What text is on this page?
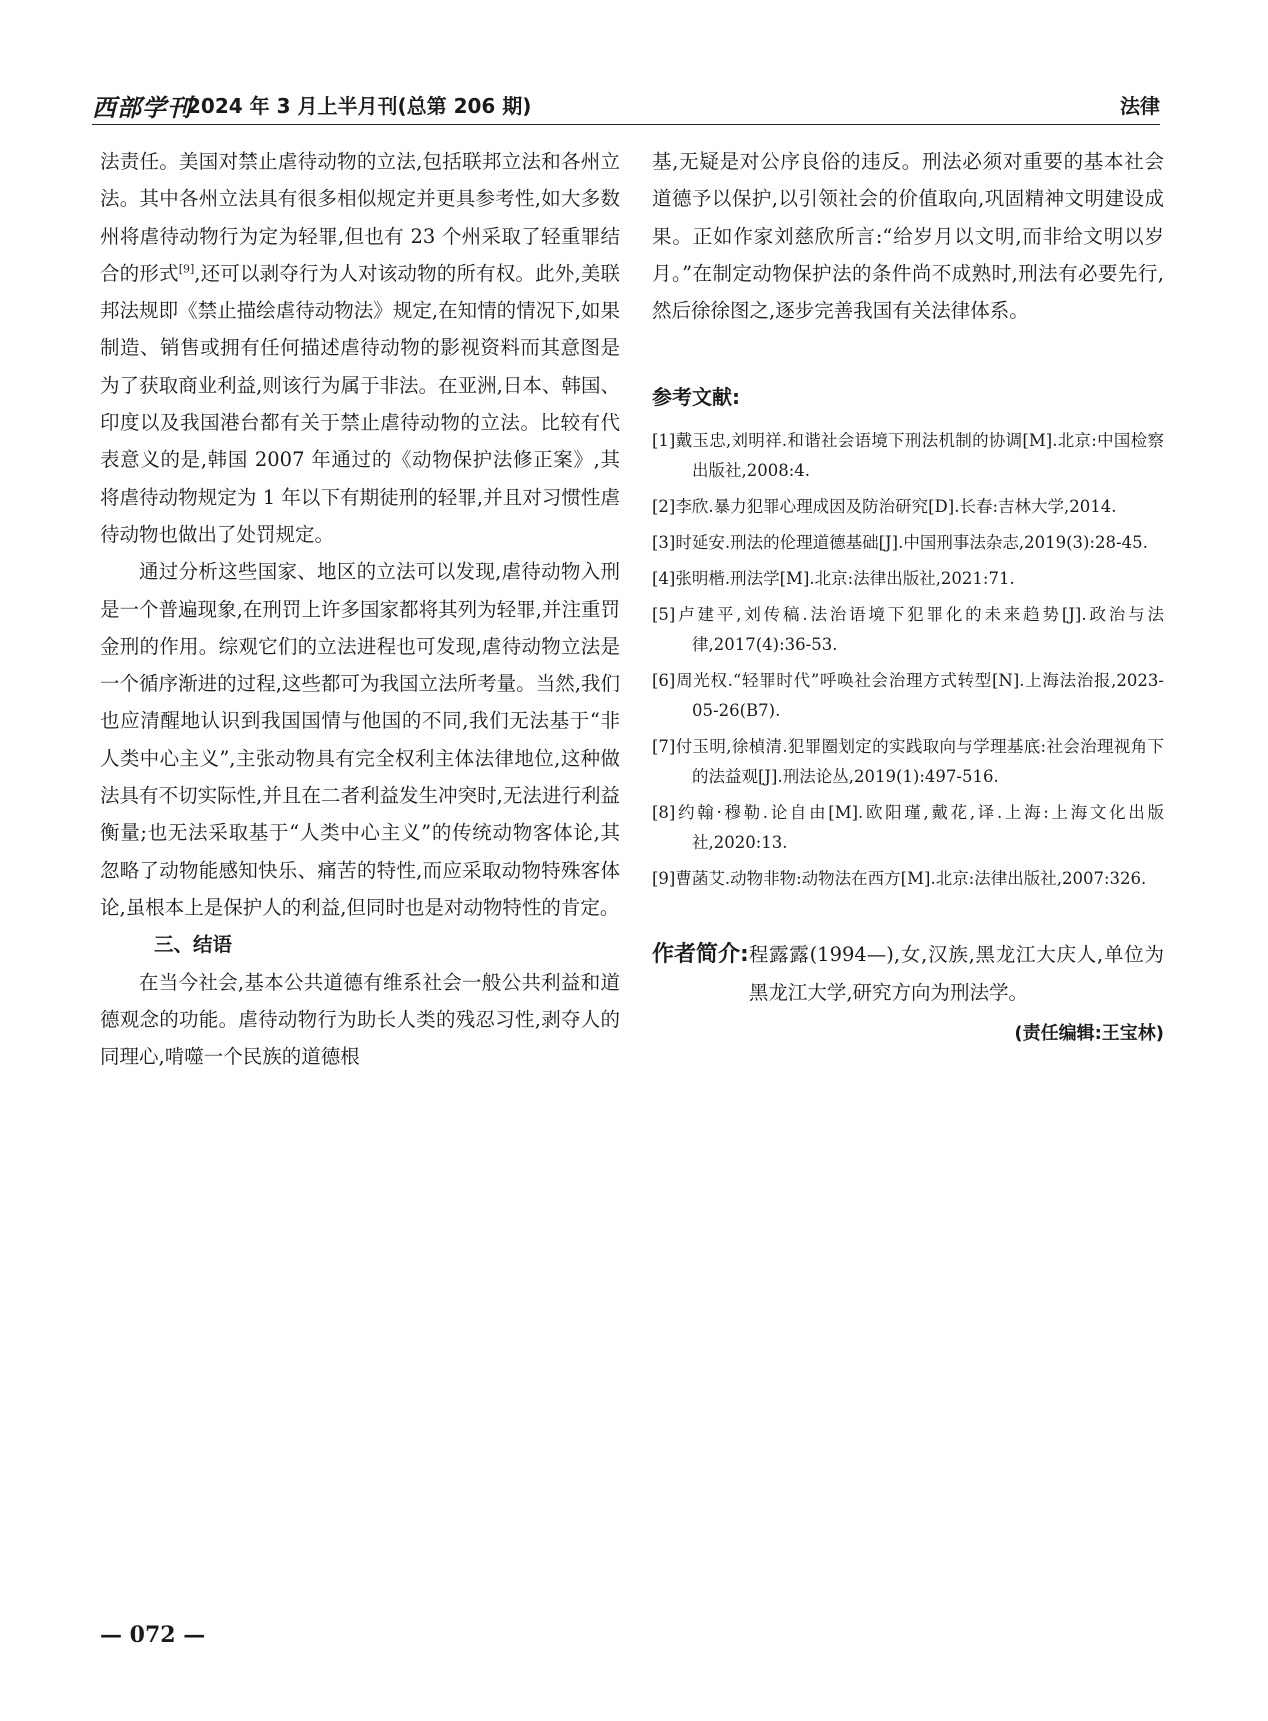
西部学刊
2024 年 3 月上半月刊(总第 206 期)	法律

法责任。美国对禁止虐待动物的立法,包括联邦立法和各州立法。其中各州立法具有很多相似规定并更具参考性,如大多数州将虐待动物行为定为轻罪,但也有 23 个州采取了轻重罪结合的形式[9],还可以剥夺行为人对该动物的所有权。此外,美联邦法规即《禁止描绘虐待动物法》规定,在知情的情况下,如果制造、销售或拥有任何描述虐待动物的影视资料而其意图是为了获取商业利益,则该行为属于非法。在亚洲,日本、韩国、印度以及我国港台都有关于禁止虐待动物的立法。比较有代表意义的是,韩国 2007 年通过的《动物保护法修正案》,其将虐待动物规定为 1 年以下有期徒刑的轻罪,并且对习惯性虐待动物也做出了处罚规定。

通过分析这些国家、地区的立法可以发现,虐待动物入刑是一个普遍现象,在刑罚上许多国家都将其列为轻罪,并注重罚金刑的作用。综观它们的立法进程也可发现,虐待动物立法是一个循序渐进的过程,这些都可为我国立法所考量。当然,我们也应清醒地认识到我国国情与他国的不同,我们无法基于“非人类中心主义”,主张动物具有完全权利主体法律地位,这种做法具有不切实际性,并且在二者利益发生冲突时,无法进行利益衡量;也无法采取基于“人类中心主义”的传统动物客体论,其忽略了动物能感知快乐、痛苦的特性,而应采取动物特殊客体论,虽根本上是保护人的利益,但同时也是对动物特性的肯定。

三、结语

在当今社会,基本公共道德有维系社会一般公共利益和道德观念的功能。虐待动物行为助长人类的残忍习性,剥夺人的同理心,啃噬一个民族的道德根

基,无疑是对公序良俗的违反。刑法必须对重要的基本社会道德予以保护,以引领社会的价值取向,巩固精神文明建设成果。正如作家刘慈欣所言:“给岁月以文明,而非给文明以岁月。”在制定动物保护法的条件尚不成熟时,刑法有必要先行,然后徐徐图之,逐步完善我国有关法律体系。

参考文献:

[1]戴玉忠,刘明祥.和谐社会语境下刑法机制的协调[M].北京:中国检察出版社,2008:4.

[2]李欣.暴力犯罪心理成因及防治研究[D].长春:吉林大学,2014.

[3]时延安.刑法的伦理道德基础[J].中国刑事法杂志,2019(3):28-45.

[4]张明楷.刑法学[M].北京:法律出版社,2021:71.

[5]卢建平,刘传稿.法治语境下犯罪化的未来趋势[J].政治与法律,2017(4):36-53.

[6]周光权.“轻罪时代”呼唤社会治理方式转型[N].上海法治报,2023-05-26(B7).

[7]付玉明,徐楨清.犯罪圈划定的实践取向与学理基底:社会治理视角下的法益观[J].刑法论丛,2019(1):497-516.

[8]约翰·穆勒.论自由[M].欧阳瑾,戴花,译.上海:上海文化出版社,2020:13.

[9]曹菡艾.动物非物:动物法在西方[M].北京:法律出版社,2007:326.

作者简介: 程露露(1994—),女,汉族,黑龙江大庆人,单位为黑龙江大学,研究方向为刑法学。
(责任编辑:王宝林)
— 072 —
